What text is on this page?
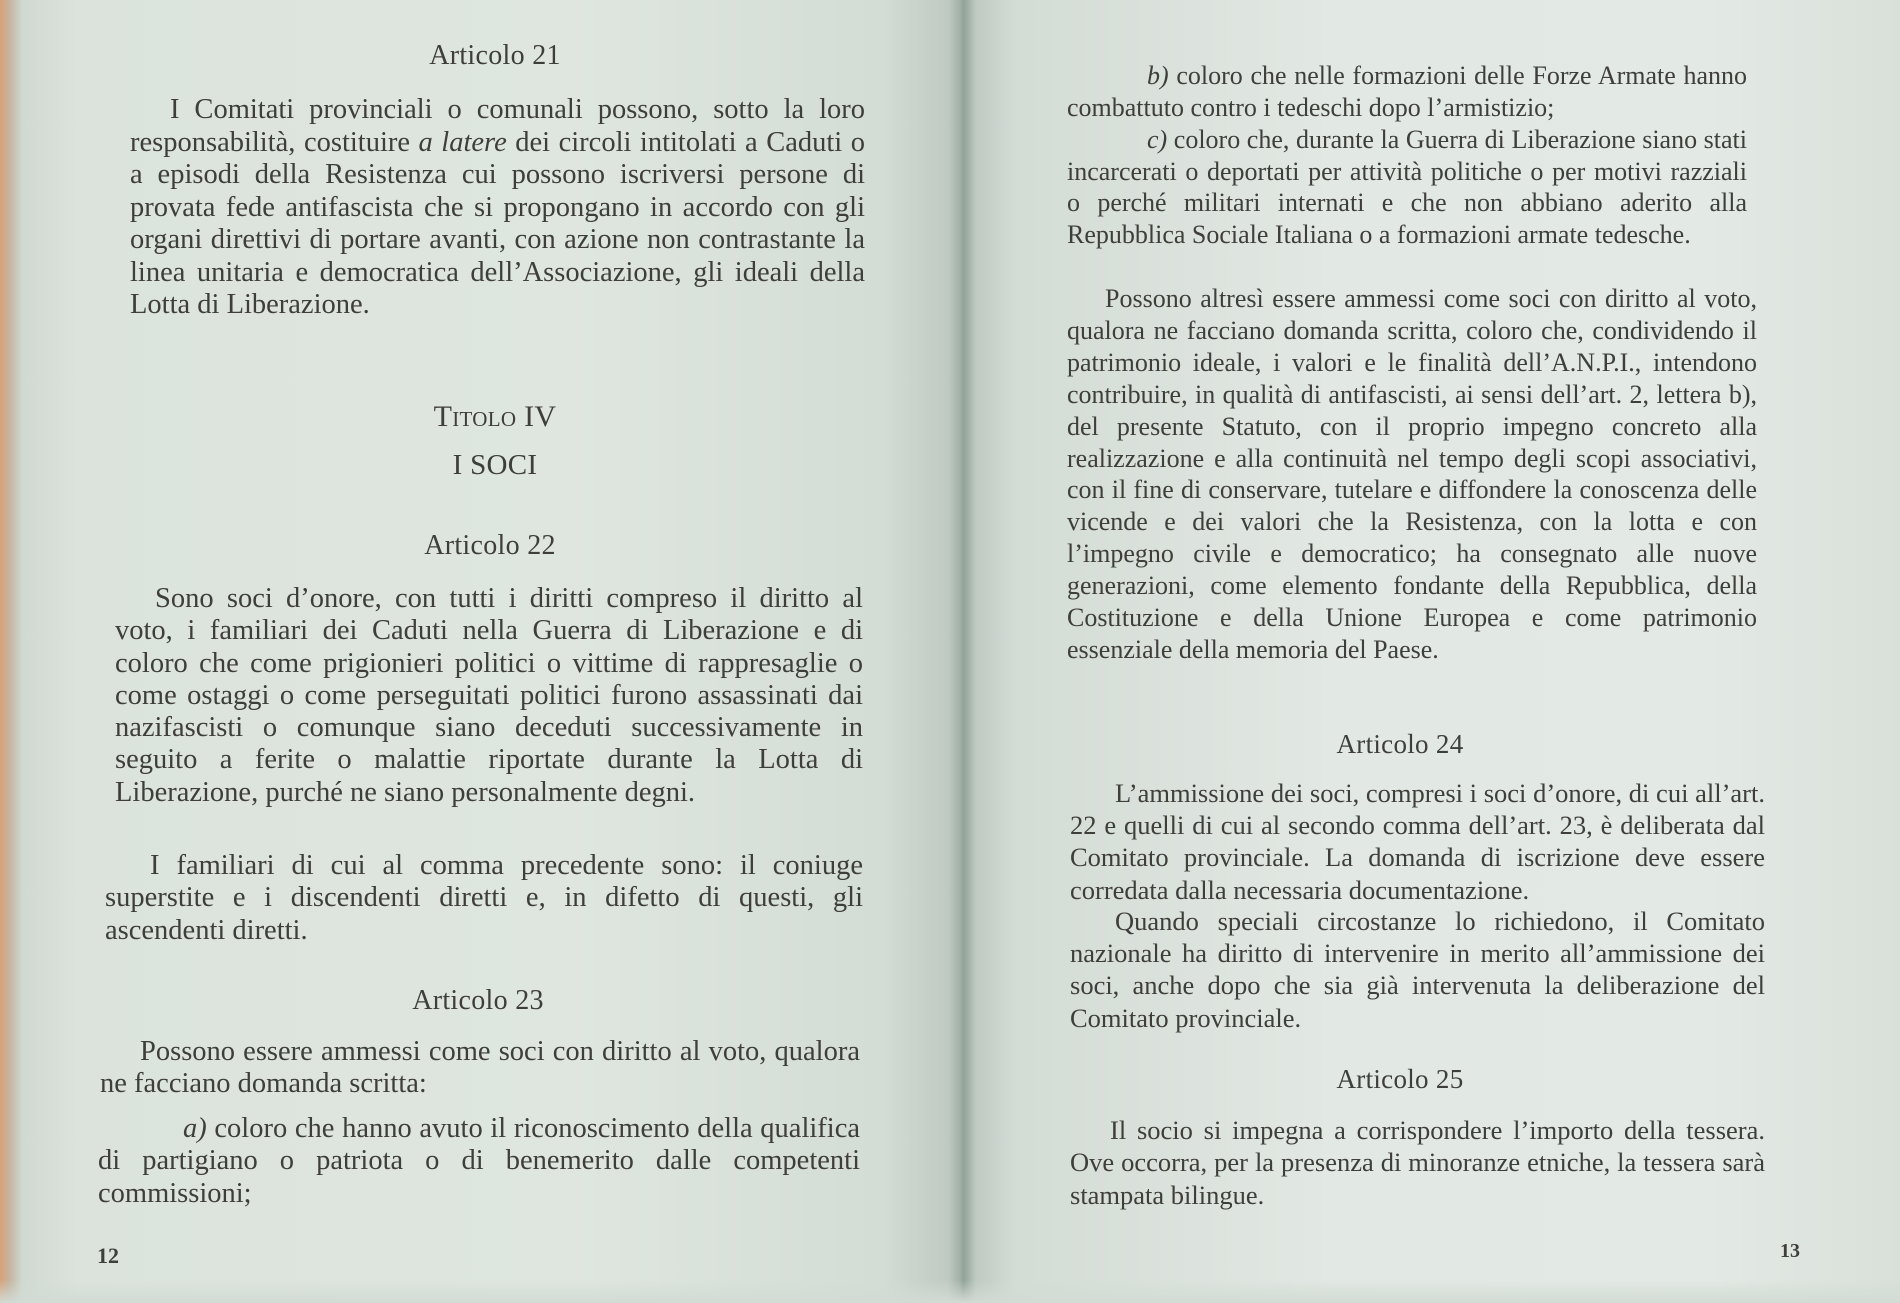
Articolo 21
I Comitati provinciali o comunali possono, sotto la loro responsabilità, costituire a latere dei circoli intitolati a Caduti o a episodi della Resistenza cui possono iscriversi persone di provata fede antifascista che si propongano in accordo con gli organi direttivi di portare avanti, con azione non contrastante la linea unitaria e democratica dell’Associazione, gli ideali della Lotta di Liberazione.
Titolo IV
I SOCI
Articolo 22
Sono soci d’onore, con tutti i diritti compreso il diritto al voto, i familiari dei Caduti nella Guerra di Liberazione e di coloro che come prigionieri politici o vittime di rappresaglie o come ostaggi o come perseguitati politici furono assassinati dai nazifascisti o comunque siano deceduti successivamente in seguito a ferite o malattie riportate durante la Lotta di Liberazione, purché ne siano personalmente degni.
I familiari di cui al comma precedente sono: il coniuge superstite e i discendenti diretti e, in difetto di questi, gli ascendenti diretti.
Articolo 23
Possono essere ammessi come soci con diritto al voto, qualora ne facciano domanda scritta:
a) coloro che hanno avuto il riconoscimento della qualifica di partigiano o patriota o di benemerito dalle competenti commissioni;
12
b) coloro che nelle formazioni delle Forze Armate hanno combattuto contro i tedeschi dopo l’armistizio;
c) coloro che, durante la Guerra di Liberazione siano stati incarcerati o deportati per attività politiche o per motivi razziali o perché militari internati e che non abbiano aderito alla Repubblica Sociale Italiana o a formazioni armate tedesche.
Possono altresì essere ammessi come soci con diritto al voto, qualora ne facciano domanda scritta, coloro che, condividendo il patrimonio ideale, i valori e le finalità dell’A.N.P.I., intendono contribuire, in qualità di antifascisti, ai sensi dell’art. 2, lettera b), del presente Statuto, con il proprio impegno concreto alla realizzazione e alla continuità nel tempo degli scopi associativi, con il fine di conservare, tutelare e diffondere la conoscenza delle vicende e dei valori che la Resistenza, con la lotta e con l’impegno civile e democratico; ha consegnato alle nuove generazioni, come elemento fondante della Repubblica, della Costituzione e della Unione Europea e come patrimonio essenziale della memoria del Paese.
Articolo 24
L’ammissione dei soci, compresi i soci d’onore, di cui all’art. 22 e quelli di cui al secondo comma dell’art. 23, è deliberata dal Comitato provinciale. La domanda di iscrizione deve essere corredata dalla necessaria documentazione.
Quando speciali circostanze lo richiedono, il Comitato nazionale ha diritto di intervenire in merito all’ammissione dei soci, anche dopo che sia già intervenuta la deliberazione del Comitato provinciale.
Articolo 25
Il socio si impegna a corrispondere l’importo della tessera. Ove occorra, per la presenza di minoranze etniche, la tessera sarà stampata bilingue.
13
